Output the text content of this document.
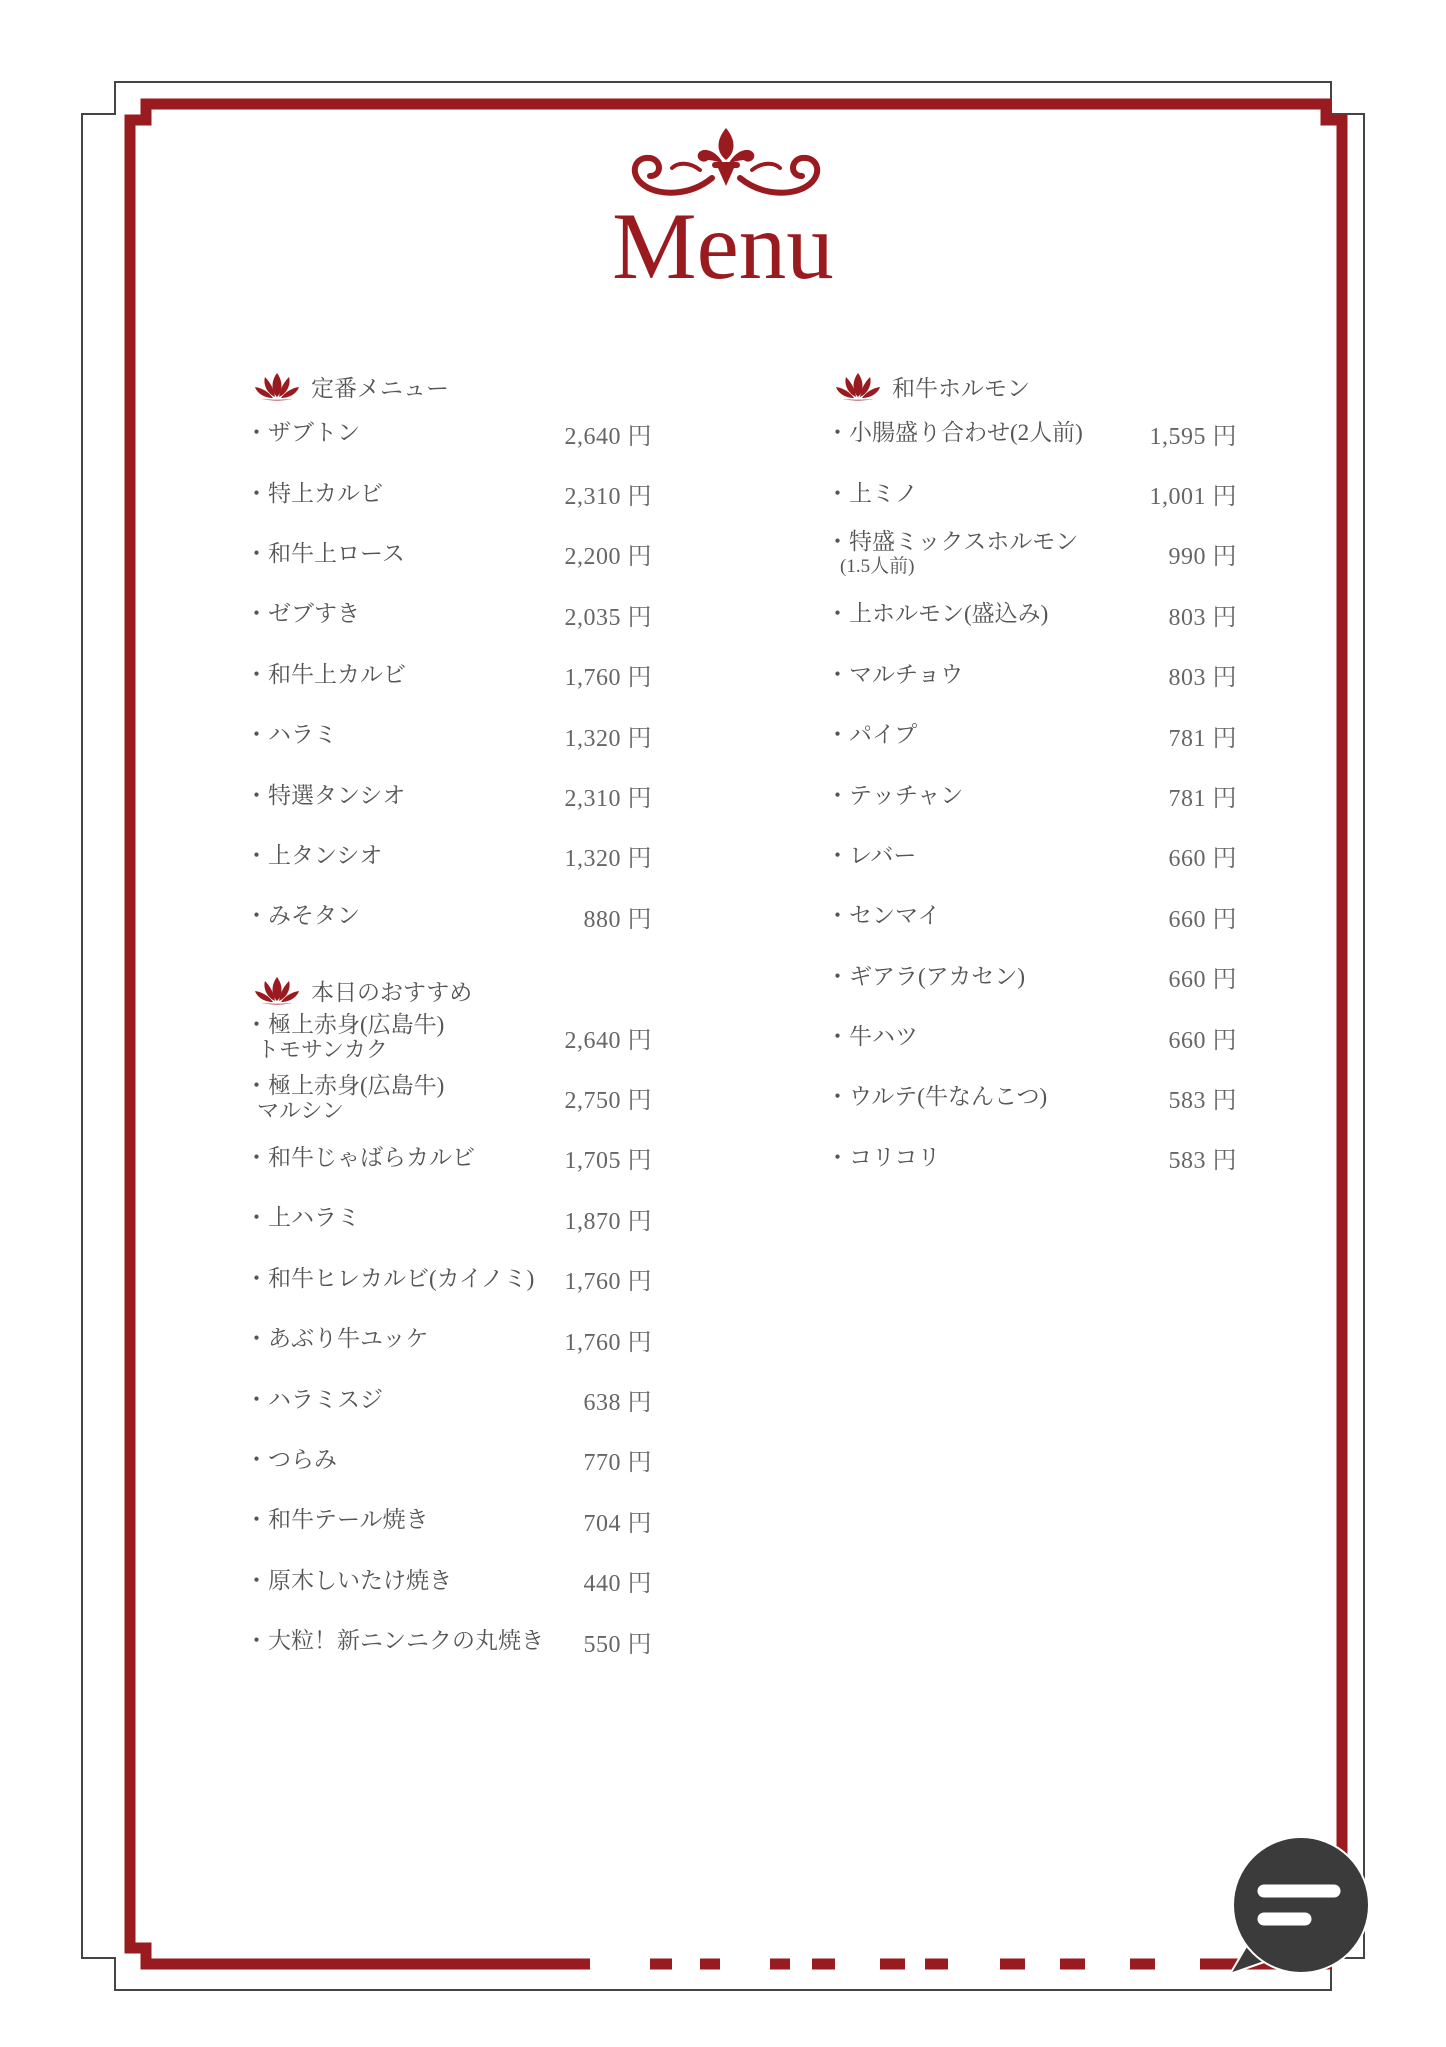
Menu
定番メニュー
・ザブトン	2,640 円
・特上カルビ	2,310 円
・和牛上ロース	2,200 円
・ゼブすき	2,035 円
・和牛上カルビ	1,760 円
・ハラミ	1,320 円
・特選タンシオ	2,310 円
・上タンシオ	1,320 円
・みそタン	880 円
本日のおすすめ
・極上赤身(広島牛)
トモサンカク	2,640 円
・極上赤身(広島牛)
マルシン	2,750 円
・和牛じゃばらカルビ	1,705 円
・上ハラミ	1,870 円
・和牛ヒレカルビ(カイノミ) 1,760 円
・あぶり牛ユッケ	1,760 円
・ハラミスジ	638 円
・つらみ	770 円
・和牛テール焼き	704 円
・原木しいたけ焼き	440 円
・大粒！新ニンニクの丸焼き 550 円
和牛ホルモン
・小腸盛り合わせ(2人前)	1,595 円
・上ミノ	1,001 円
・特盛ミックスホルモン
(1.5人前)	990 円
・上ホルモン(盛込み)	803 円
・マルチョウ	803 円
・パイプ	781 円
・テッチャン	781 円
・レバー	660 円
・センマイ	660 円
・ギアラ(アカセン)	660 円
・牛ハツ	660 円
・ウルテ(牛なんこつ)	583 円
・コリコリ	583 円
